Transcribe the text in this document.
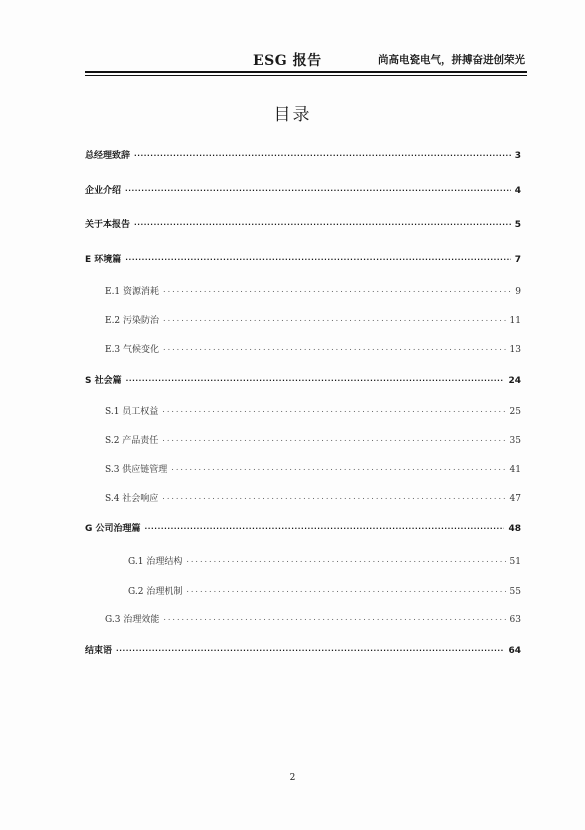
ESG 报告	尚高电瓷电气，拼搏奋进创荣光
目录
总经理致辞 .....	3
企业介绍 .....	4
关于本报告 .....	5
E 环境篇 .....	7
E.1 资源消耗 .....	9
E.2 污染防治 .....	11
E.3 气候变化 .....	13
S 社会篇 .....	24
S.1 员工权益 .....	25
S.2 产品责任 .....	35
S.3 供应链管理 .....	41
S.4 社会响应 .....	47
G 公司治理篇 .....	48
G.1 治理结构 .....	51
G.2 治理机制 .....	55
G.3 治理效能 .....	63
结束语 .....	64
2
